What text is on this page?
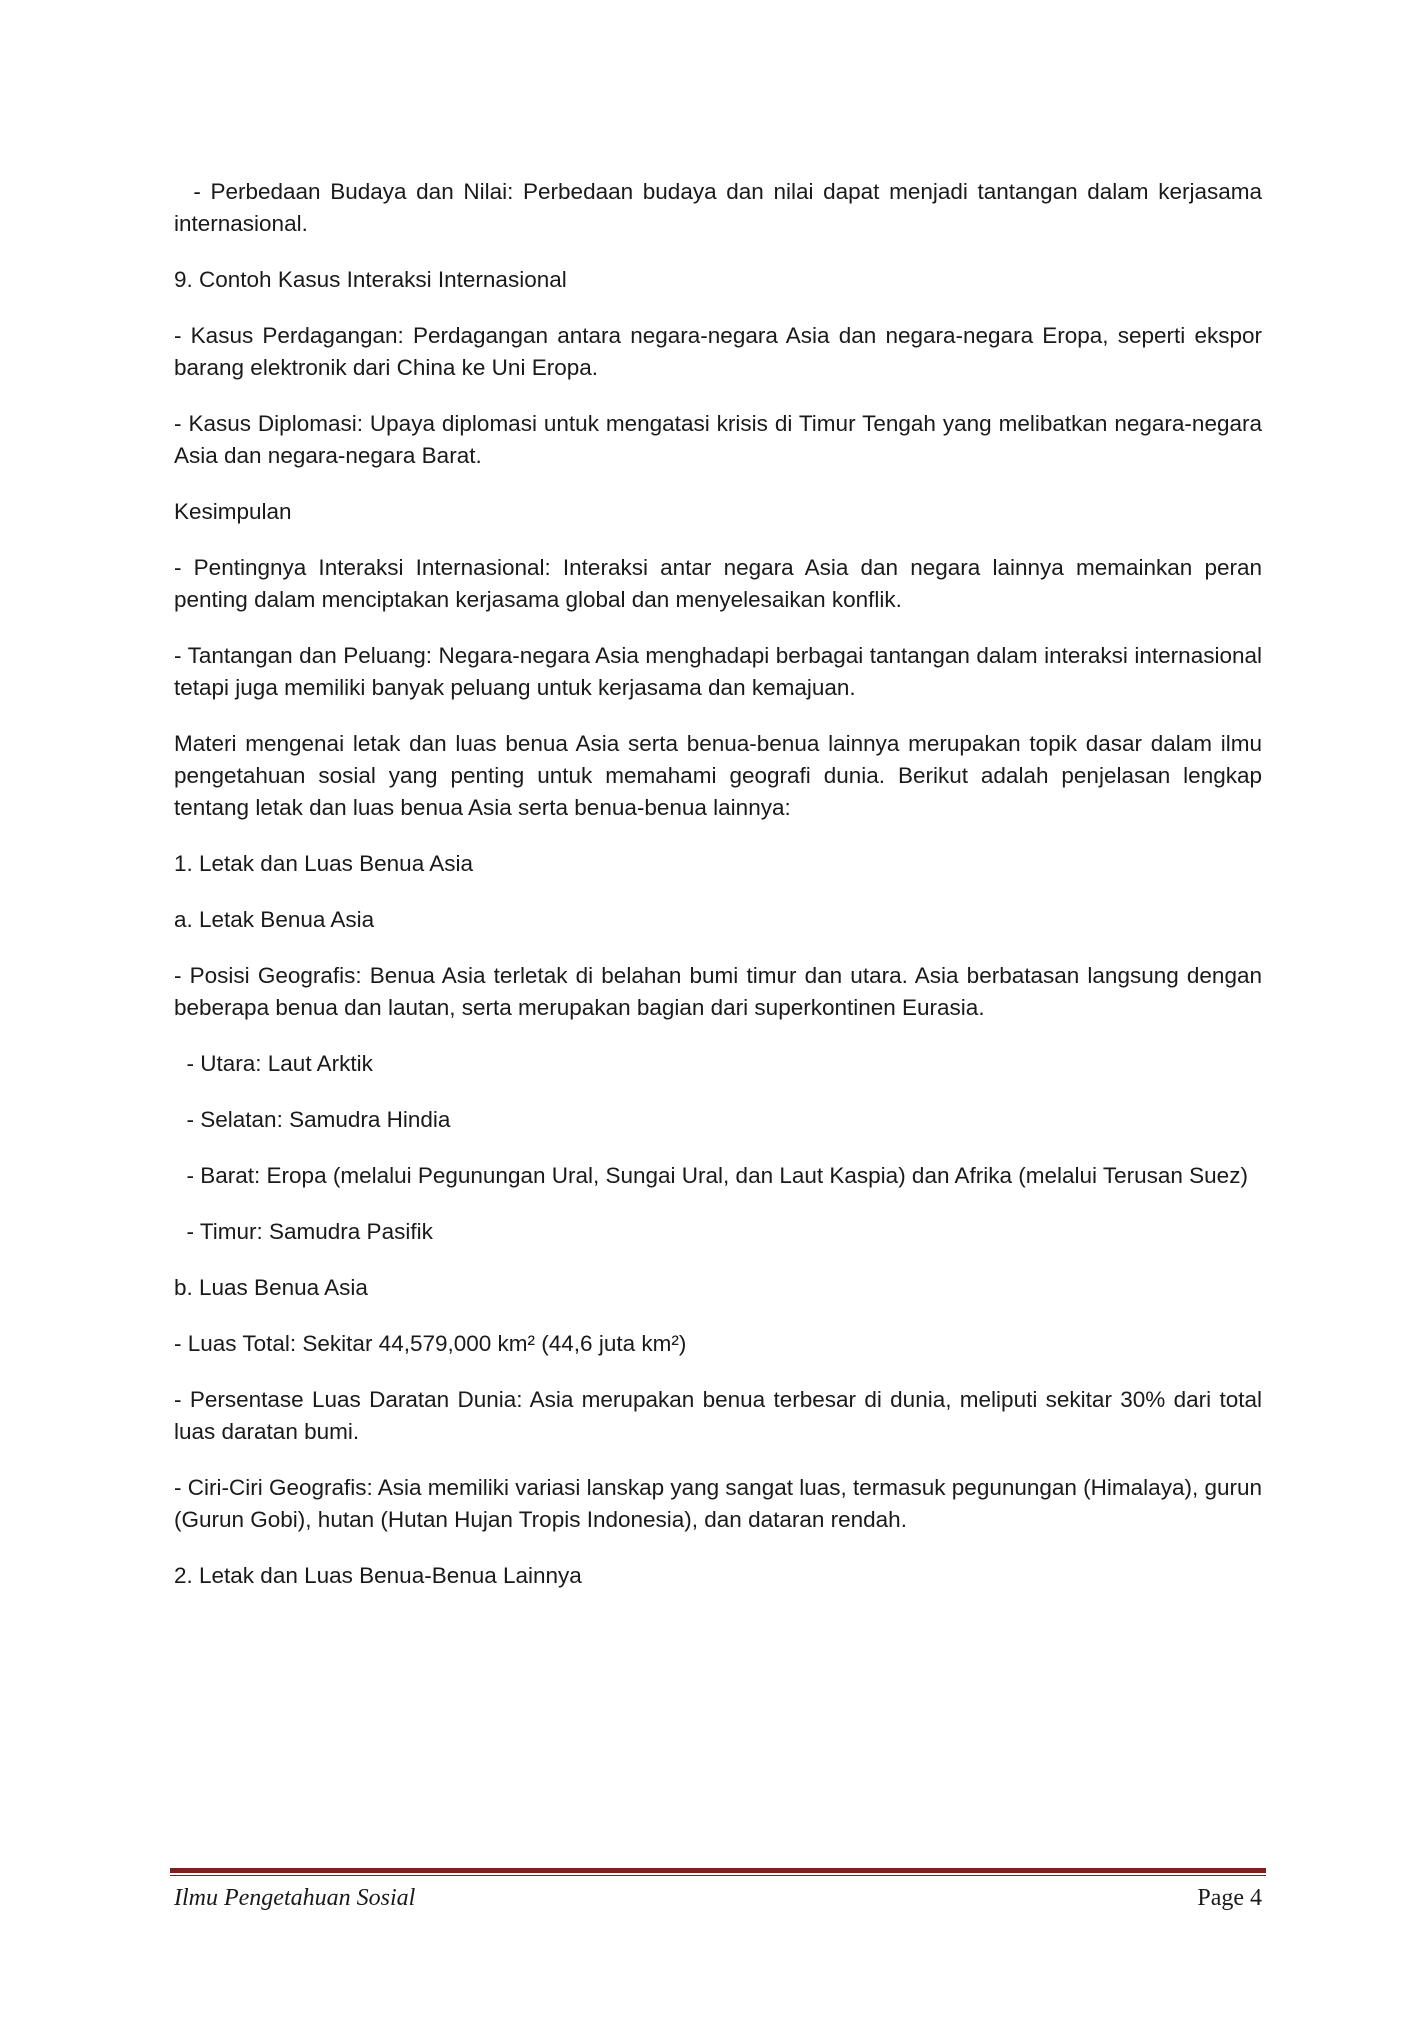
- Perbedaan Budaya dan Nilai: Perbedaan budaya dan nilai dapat menjadi tantangan dalam kerjasama internasional.

9. Contoh Kasus Interaksi Internasional

- Kasus Perdagangan: Perdagangan antara negara-negara Asia dan negara-negara Eropa, seperti ekspor barang elektronik dari China ke Uni Eropa.

- Kasus Diplomasi: Upaya diplomasi untuk mengatasi krisis di Timur Tengah yang melibatkan negara-negara Asia dan negara-negara Barat.

Kesimpulan

- Pentingnya Interaksi Internasional: Interaksi antar negara Asia dan negara lainnya memainkan peran penting dalam menciptakan kerjasama global dan menyelesaikan konflik.

- Tantangan dan Peluang: Negara-negara Asia menghadapi berbagai tantangan dalam interaksi internasional tetapi juga memiliki banyak peluang untuk kerjasama dan kemajuan.

Materi mengenai letak dan luas benua Asia serta benua-benua lainnya merupakan topik dasar dalam ilmu pengetahuan sosial yang penting untuk memahami geografi dunia. Berikut adalah penjelasan lengkap tentang letak dan luas benua Asia serta benua-benua lainnya:

1. Letak dan Luas Benua Asia

a. Letak Benua Asia

- Posisi Geografis: Benua Asia terletak di belahan bumi timur dan utara. Asia berbatasan langsung dengan beberapa benua dan lautan, serta merupakan bagian dari superkontinen Eurasia.

- Utara: Laut Arktik

- Selatan: Samudra Hindia

- Barat: Eropa (melalui Pegunungan Ural, Sungai Ural, dan Laut Kaspia) dan Afrika (melalui Terusan Suez)

- Timur: Samudra Pasifik

b. Luas Benua Asia

- Luas Total: Sekitar 44,579,000 km² (44,6 juta km²)

- Persentase Luas Daratan Dunia: Asia merupakan benua terbesar di dunia, meliputi sekitar 30% dari total luas daratan bumi.

- Ciri-Ciri Geografis: Asia memiliki variasi lanskap yang sangat luas, termasuk pegunungan (Himalaya), gurun (Gurun Gobi), hutan (Hutan Hujan Tropis Indonesia), dan dataran rendah.

2. Letak dan Luas Benua-Benua Lainnya

Ilmu Pengetahuan Sosial	Page 4
